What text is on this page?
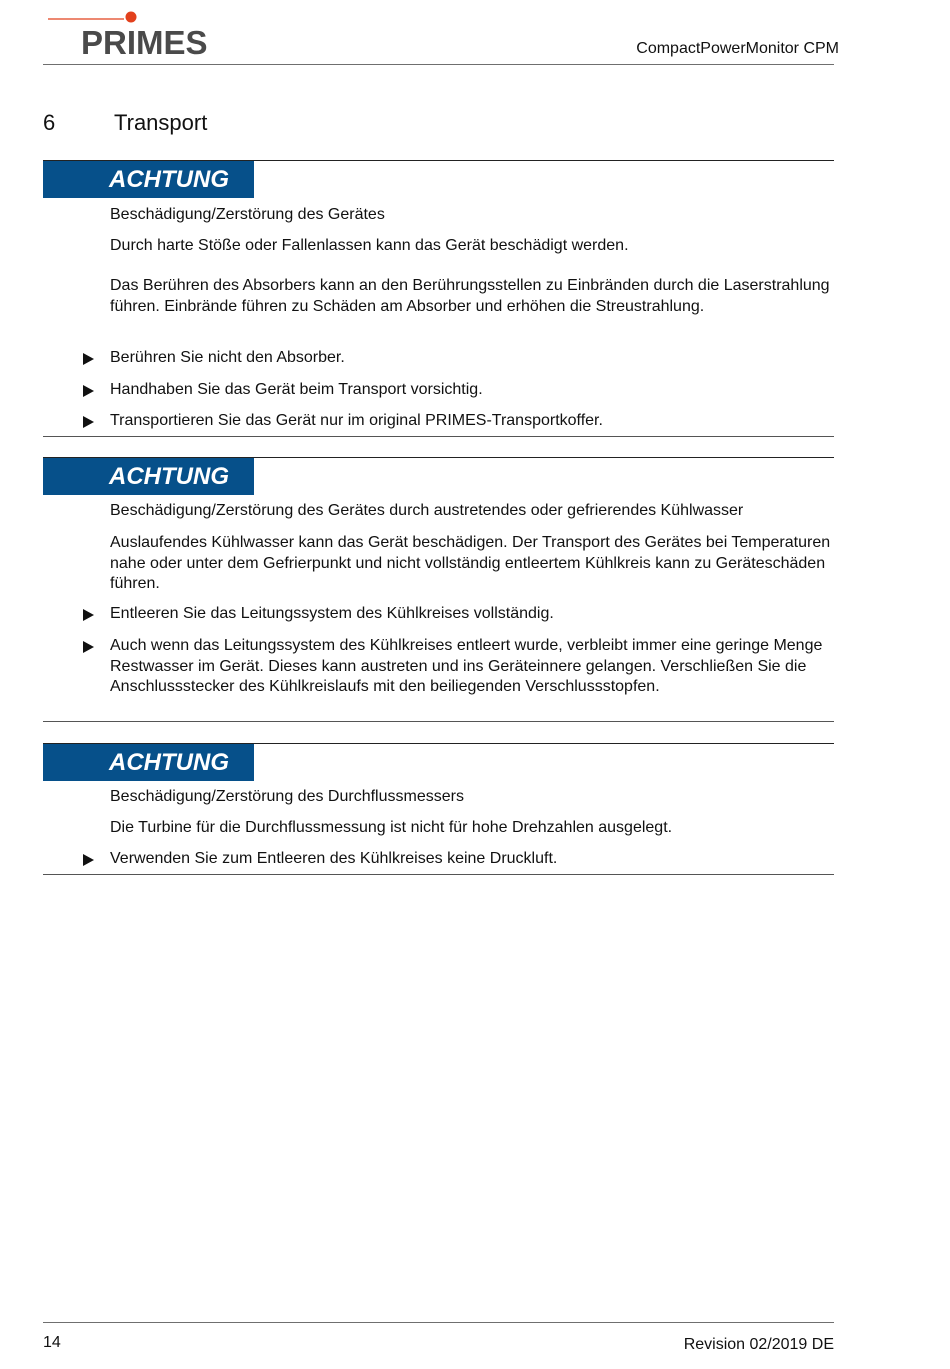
PRIMES	CompactPowerMonitor CPM
6	Transport
ACHTUNG

Beschädigung/Zerstörung des Gerätes

Durch harte Stöße oder Fallenlassen kann das Gerät beschädigt werden.

Das Berühren des Absorbers kann an den Berührungsstellen zu Einbränden durch die Laserstrahlung führen. Einbrände führen zu Schäden am Absorber und erhöhen die Streustrahlung.

Berühren Sie nicht den Absorber.

Handhaben Sie das Gerät beim Transport vorsichtig.

Transportieren Sie das Gerät nur im original PRIMES-Transportkoffer.

ACHTUNG

Beschädigung/Zerstörung des Gerätes durch austretendes oder gefrierendes Kühlwasser

Auslaufendes Kühlwasser kann das Gerät beschädigen. Der Transport des Gerätes bei Temperaturen nahe oder unter dem Gefrierpunkt und nicht vollständig entleertem Kühlkreis kann zu Geräteschäden führen.

Entleeren Sie das Leitungssystem des Kühlkreises vollständig.

Auch wenn das Leitungssystem des Kühlkreises entleert wurde, verbleibt immer eine geringe Menge Restwasser im Gerät. Dieses kann austreten und ins Geräteinnere gelangen. Verschließen Sie die Anschlussstecker des Kühlkreislaufs mit den beiliegenden Verschlussstopfen.

ACHTUNG

Beschädigung/Zerstörung des Durchflussmessers

Die Turbine für die Durchflussmessung ist nicht für hohe Drehzahlen ausgelegt.

Verwenden Sie zum Entleeren des Kühlkreises keine Druckluft.

14	Revision 02/2019 DE
